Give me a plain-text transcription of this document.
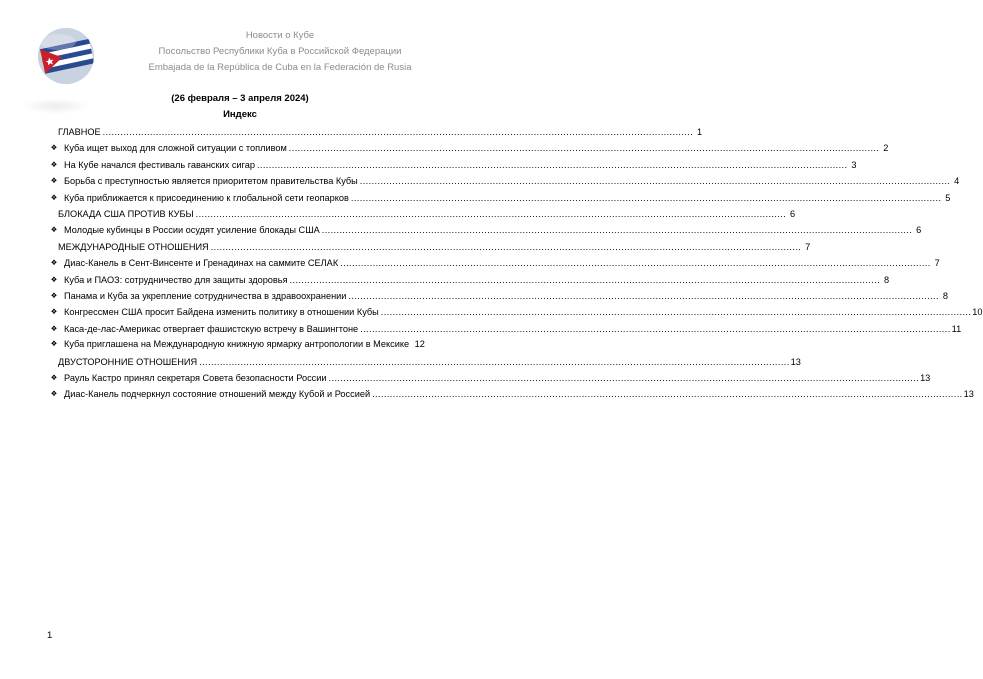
Новости о Кубе
Посольство Республики Куба в Российской Федерации
Embajada de la República de Cuba en la Federación de Rusia
(26 февраля – 3 апреля 2024)
Индекс
ГЛАВНОЕ ........................................................................................................................................................................................................ 1
❖ Куба ищет выход для сложной ситуации с топливом ........................................................................................................................................................................................................ 2
❖ На Кубе начался фестиваль гаванских сигар ........................................................................................................................................................................................................ 3
❖ Борьба с преступностью является приоритетом правительства Кубы ........................................................................................................................................................................................................ 4
❖ Куба приближается к присоединению к глобальной сети геопарков ........................................................................................................................................................................................................ 5
БЛОКАДА США ПРОТИВ КУБЫ ........................................................................................................................................................................................................ 6
❖ Молодые кубинцы в России осудят усиление блокады США ........................................................................................................................................................................................................ 6
МЕЖДУНАРОДНЫЕ ОТНОШЕНИЯ ........................................................................................................................................................................................................ 7
❖ Диас-Канель в Сент-Винсенте и Гренадинах на саммите СЕЛАК ........................................................................................................................................................................................................ 7
❖ Куба и ПАОЗ: сотрудничество для защиты здоровья ........................................................................................................................................................................................................ 8
❖ Панама и Куба за укрепление сотрудничества в здравоохранении ........................................................................................................................................................................................................ 8
❖ Конгрессмен США просит Байдена изменить политику в отношении Кубы ........................................................................................................................................................................................................ 10
❖ Каса-де-лас-Америкас отвергает фашистскую встречу в Вашингтоне ........................................................................................................................................................................................................ 11
❖ Куба приглашена на Международную книжную ярмарку антропологии в Мексике 12
ДВУСТОРОННИЕ ОТНОШЕНИЯ ........................................................................................................................................................................................................ 13
❖ Рауль Кастро принял секретаря Совета безопасности России ........................................................................................................................................................................................................ 13
❖ Диас-Канель подчеркнул состояние отношений между Кубой и Россией ........................................................................................................................................................................................................ 13
1
